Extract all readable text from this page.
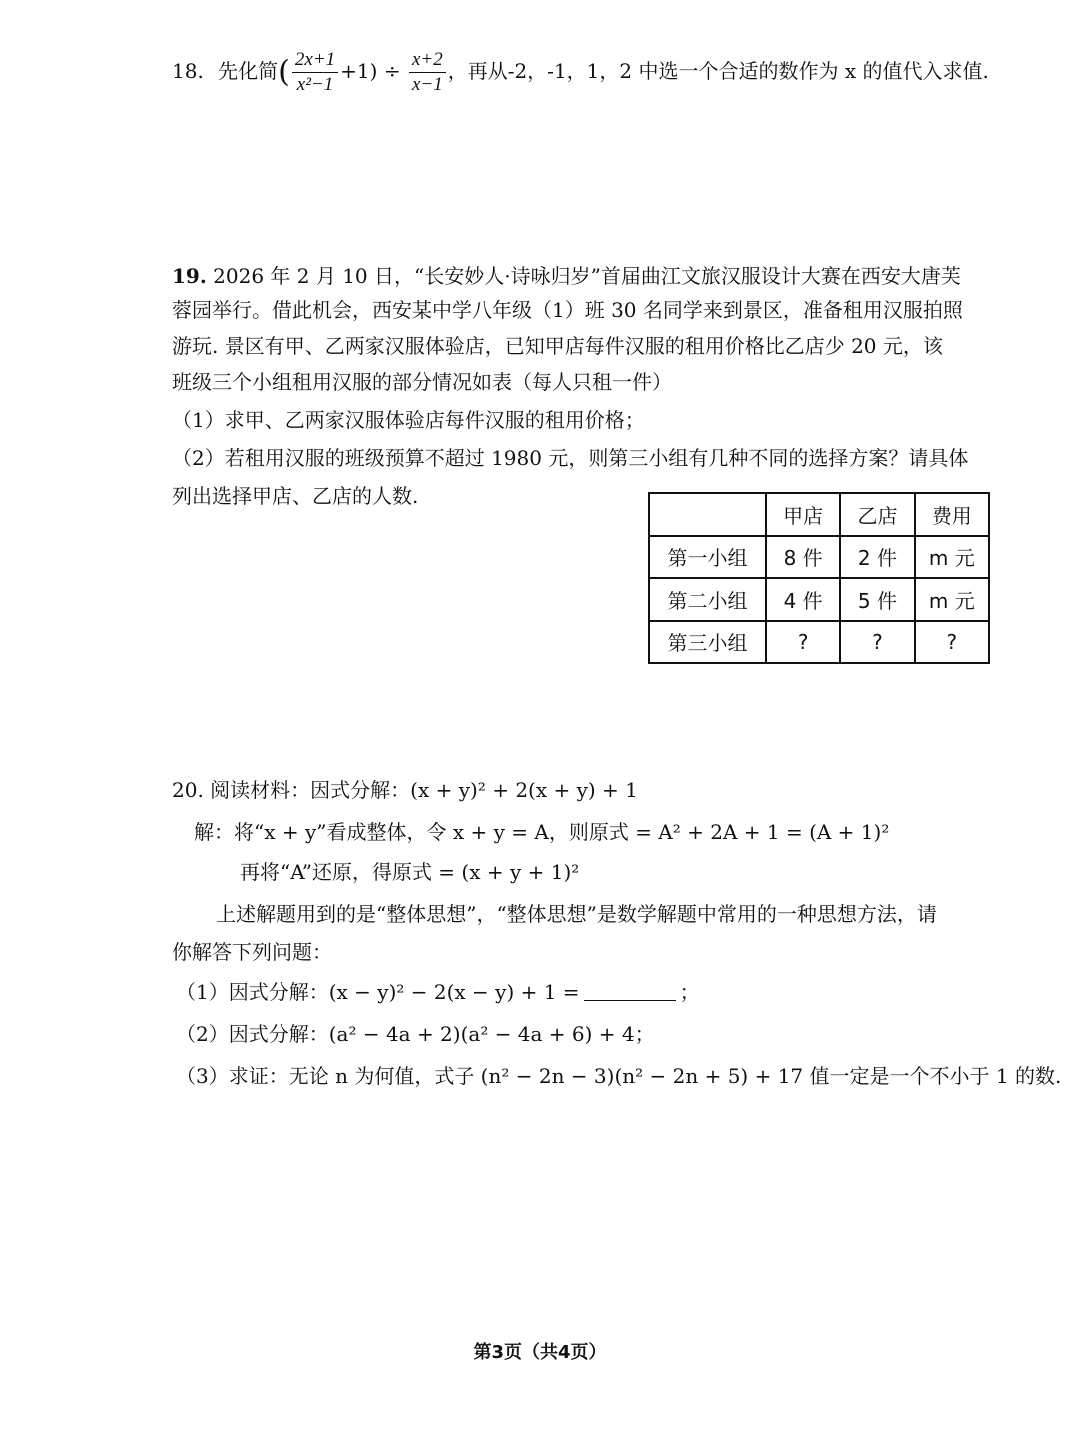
18. 先化简( $\frac{2x+1}{\text{x²−1}} +1) \div \frac{x+2}{x-1}$ ，再从-2，-1，1，2 中选一个合适的数作为 x 的值代入求值.
19. 2026 年 2 月 10 日，“长安妙人·诗咏归岁”首届曲江文旅汉服设计大赛在西安大唐芙
蓉园举行。借此机会，西安某中学八年级（1）班 30 名同学来到景区，准备租用汉服拍照
游玩. 景区有甲、乙两家汉服体验店，已知甲店每件汉服的租用价格比乙店少 20 元，该
班级三个小组租用汉服的部分情况如表（每人只租一件）
（1）求甲、乙两家汉服体验店每件汉服的租用价格；
（2）若租用汉服的班级预算不超过 1980 元，则第三小组有几种不同的选择方案？请具体
列出选择甲店、乙店的人数.
	甲店	乙店	费用
第一小组	8 件	2 件	m 元
第二小组	4 件	5 件	m 元
第三小组	?	?	?
20. 阅读材料：因式分解：(x + y)² + 2(x + y) + 1
解：将“x + y”看成整体，令 x + y = A，则原式 = A² + 2A + 1 = (A + 1)²
再将“A”还原，得原式 = (x + y + 1)²
上述解题用到的是“整体思想”，“整体思想”是数学解题中常用的一种思想方法，请
你解答下列问题：
（1）因式分解：(x − y)² − 2(x − y) + 1 =	；
（2）因式分解：(a² − 4a + 2)(a² − 4a + 6) + 4；
（3）求证：无论 n 为何值，式子 (n² − 2n − 3)(n² − 2n + 5) + 17 值一定是一个不小于 1 的数.
第3页（共4页）
